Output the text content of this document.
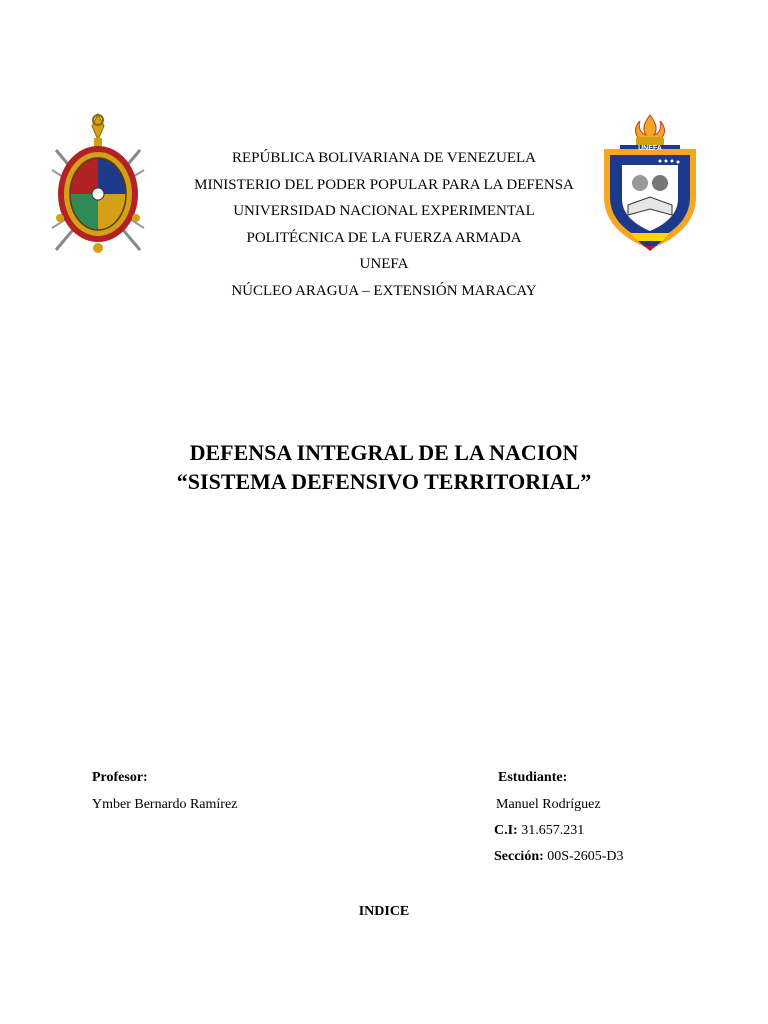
UNEFA
REPÚBLICA BOLIVARIANA DE VENEZUELA
MINISTERIO DEL PODER POPULAR PARA LA DEFENSA
UNIVERSIDAD NACIONAL EXPERIMENTAL
POLITÉCNICA DE LA FUERZA ARMADA
UNEFA
NÚCLEO ARAGUA – EXTENSIÓN MARACAY
DEFENSA INTEGRAL DE LA NACION
“SISTEMA DEFENSIVO TERRITORIAL”
Profesor:
Ymber Bernardo Ramírez
Estudiante:
Manuel Rodríguez
C.I: 31.657.231
Sección: 00S-2605-D3
INDICE
